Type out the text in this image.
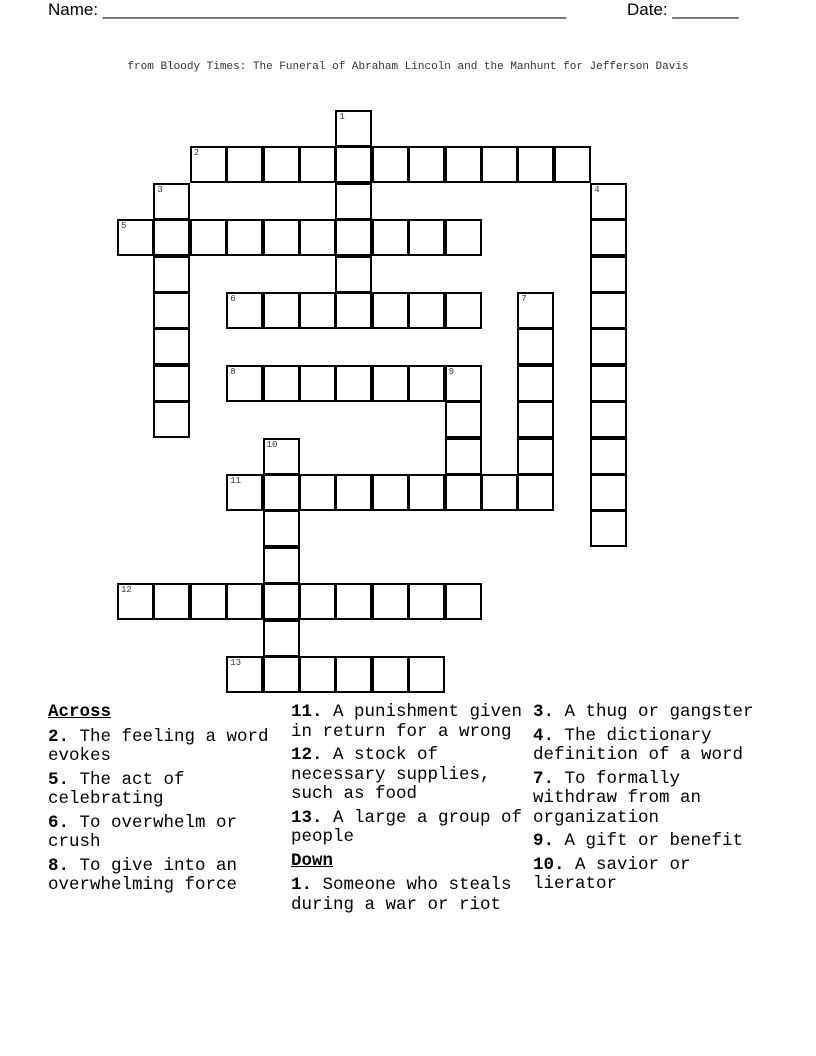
Name: _________________________________________________	Date: _______
from Bloody Times: The Funeral of Abraham Lincoln and the Manhunt for Jefferson Davis
1
2
3	4
5
6	7
8	9
10
11
12
13
Across
2. The feeling a word evokes
5. The act of celebrating
6. To overwhelm or crush
8. To give into an overwhelming force
11. A punishment given in return for a wrong
12. A stock of necessary supplies, such as food
13. A large a group of people
Down
1. Someone who steals during a war or riot
3. A thug or gangster
4. The dictionary definition of a word
7. To formally withdraw from an organization
9. A gift or benefit
10. A savior or lierator
